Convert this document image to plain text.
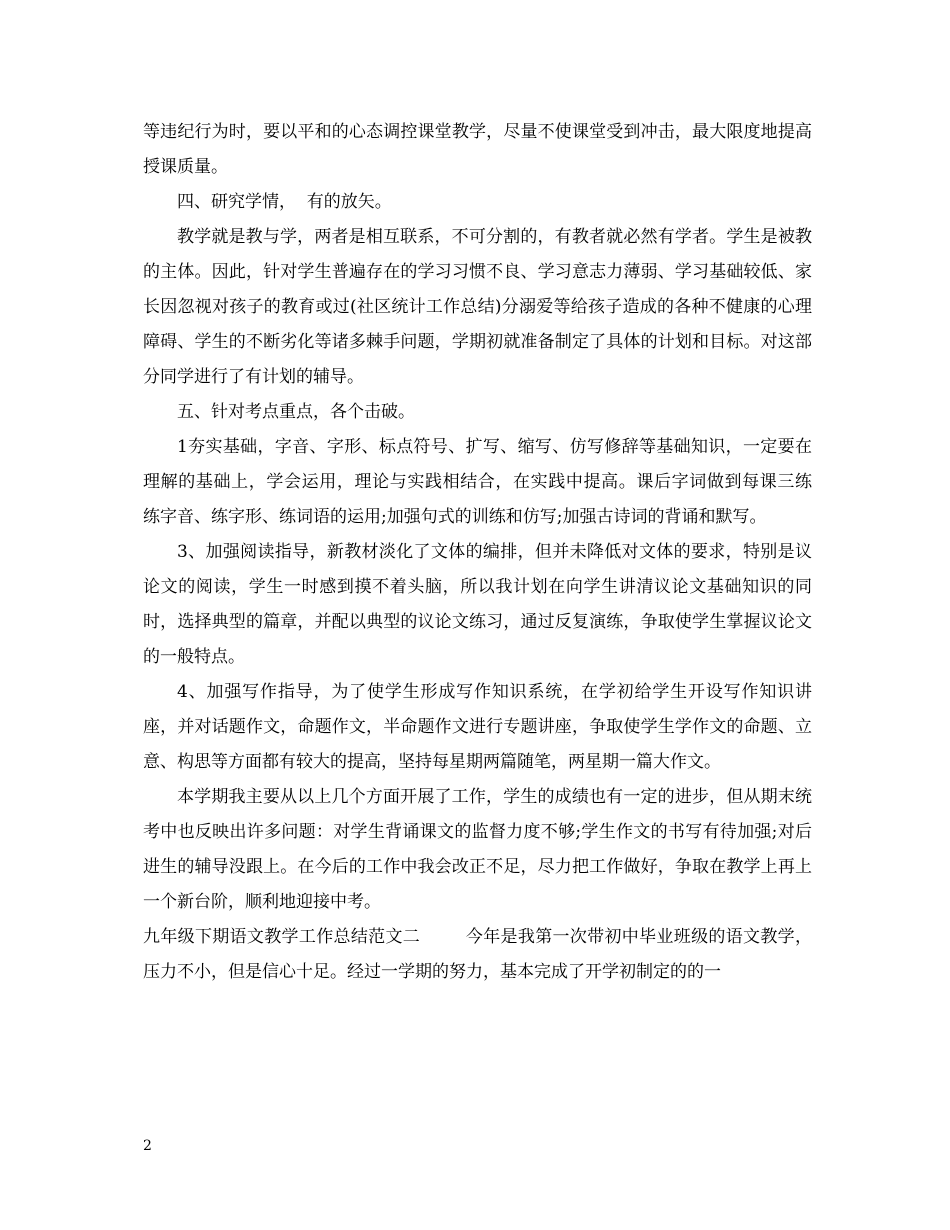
等违纪行为时，要以平和的心态调控课堂教学，尽量不使课堂受到冲击，最大限度地提高授课质量。

四、研究学情，  有的放矢。

教学就是教与学，两者是相互联系，不可分割的，有教者就必然有学者。学生是被教的主体。因此，针对学生普遍存在的学习习惯不良、学习意志力薄弱、学习基础较低、家长因忽视对孩子的教育或过(社区统计工作总结)分溺爱等给孩子造成的各种不健康的心理障碍、学生的不断劣化等诸多棘手问题，学期初就准备制定了具体的计划和目标。对这部分同学进行了有计划的辅导。

五、针对考点重点，各个击破。

1夯实基础，字音、字形、标点符号、扩写、缩写、仿写修辞等基础知识，一定要在理解的基础上，学会运用，理论与实践相结合，在实践中提高。课后字词做到每课三练  练字音、练字形、练词语的运用;加强句式的训练和仿写;加强古诗词的背诵和默写。

3、加强阅读指导，新教材淡化了文体的编排，但并未降低对文体的要求，特别是议论文的阅读，学生一时感到摸不着头脑，所以我计划在向学生讲清议论文基础知识的同时，选择典型的篇章，并配以典型的议论文练习，通过反复演练，争取使学生掌握议论文的一般特点。

4、加强写作指导，为了使学生形成写作知识系统，在学初给学生开设写作知识讲座，并对话题作文，命题作文，半命题作文进行专题讲座，争取使学生学作文的命题、立意、构思等方面都有较大的提高，坚持每星期两篇随笔，两星期一篇大作文。

本学期我主要从以上几个方面开展了工作，学生的成绩也有一定的进步，但从期末统考中也反映出许多问题：对学生背诵课文的监督力度不够;学生作文的书写有待加强;对后进生的辅导没跟上。在今后的工作中我会改正不足，尽力把工作做好，争取在教学上再上一个新台阶，顺利地迎接中考。

九年级下期语文教学工作总结范文二        今年是我第一次带初中毕业班级的语文教学，压力不小，但是信心十足。经过一学期的努力，基本完成了开学初制定的的一

2
